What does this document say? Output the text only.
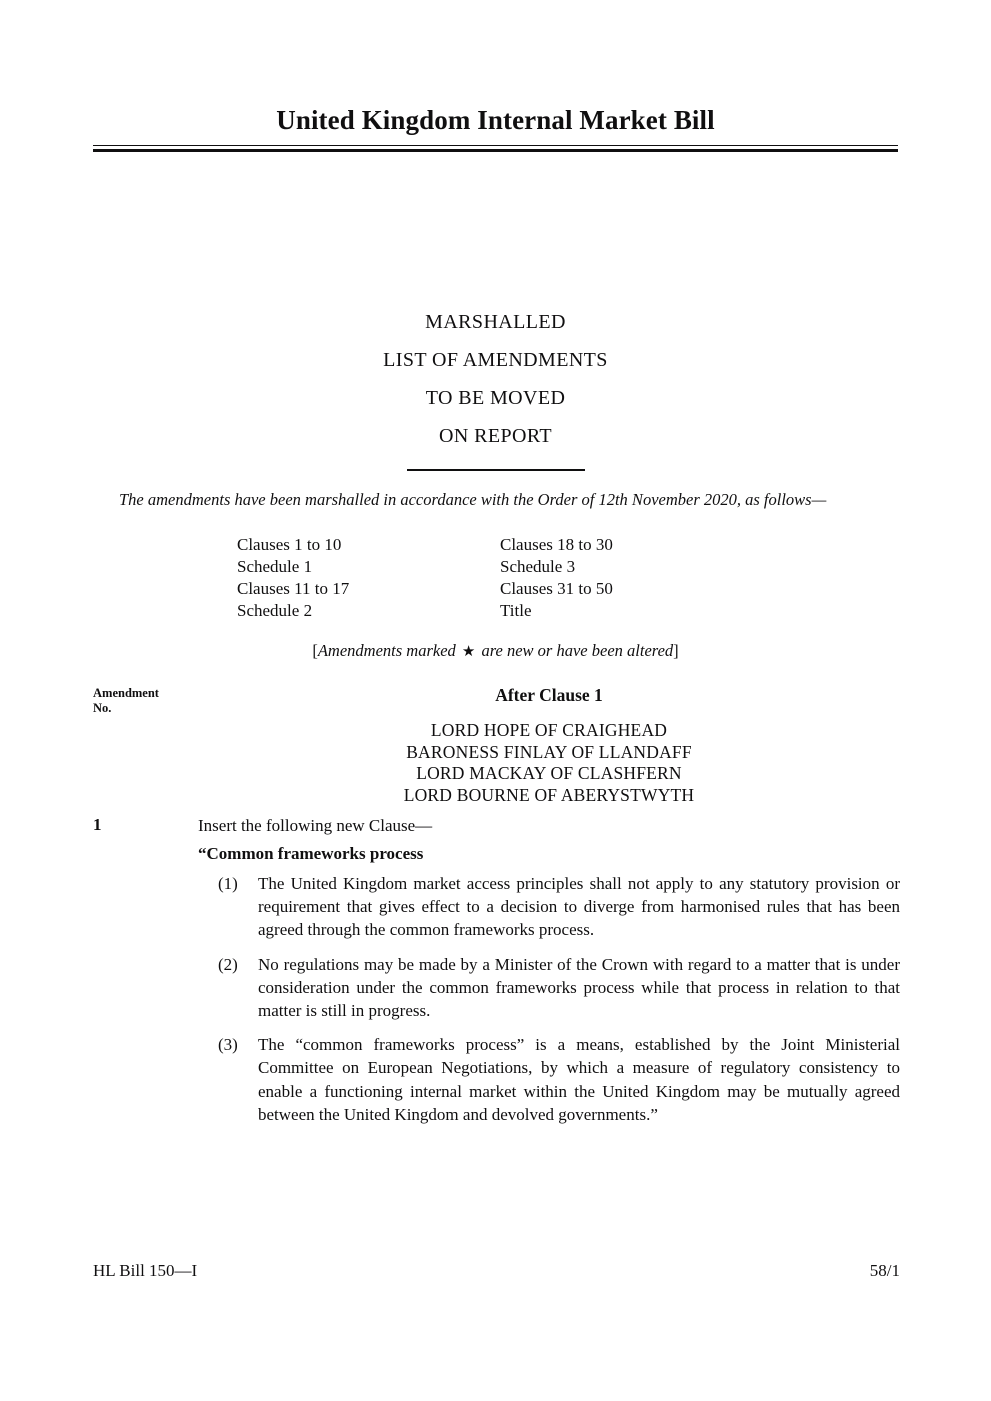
United Kingdom Internal Market Bill
MARSHALLED
LIST OF AMENDMENTS
TO BE MOVED
ON REPORT
The amendments have been marshalled in accordance with the Order of 12th November 2020, as follows—
Clauses 1 to 10	Clauses 18 to 30
Schedule 1	Schedule 3
Clauses 11 to 17	Clauses 31 to 50
Schedule 2	Title
[Amendments marked ★ are new or have been altered]
Amendment
No.
After Clause 1
LORD HOPE OF CRAIGHEAD
BARONESS FINLAY OF LLANDAFF
LORD MACKAY OF CLASHFERN
LORD BOURNE OF ABERYSTWYTH
1	Insert the following new Clause—
“Common frameworks process
(1)	The United Kingdom market access principles shall not apply to any statutory provision or requirement that gives effect to a decision to diverge from harmonised rules that has been agreed through the common frameworks process.
(2)	No regulations may be made by a Minister of the Crown with regard to a matter that is under consideration under the common frameworks process while that process in relation to that matter is still in progress.
(3)	The “common frameworks process” is a means, established by the Joint Ministerial Committee on European Negotiations, by which a measure of regulatory consistency to enable a functioning internal market within the United Kingdom may be mutually agreed between the United Kingdom and devolved governments.”
HL Bill 150—I	58/1
